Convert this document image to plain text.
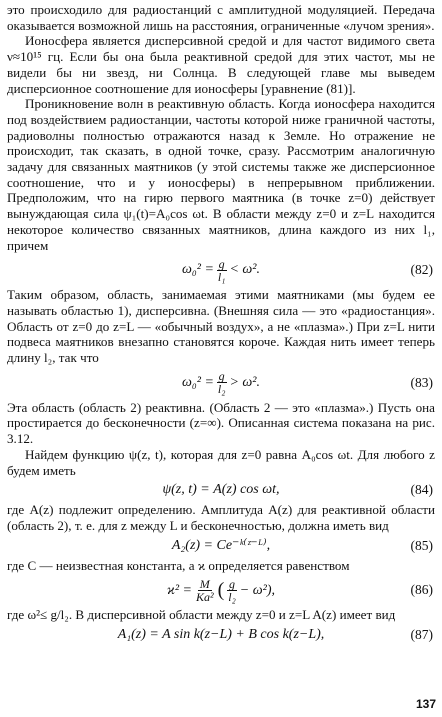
это происходило для радиостанций с амплитудной модуляцией. Передача оказывается возможной лишь на расстояния, ограниченные «лучом зрения».

Ионосфера является дисперсивной средой и для частот видимого света ν≈10¹⁵ гц. Если бы она была реактивной средой для этих частот, мы не видели бы ни звезд, ни Солнца. В следующей главе мы выведем дисперсионное соотношение для ионосферы [уравнение (81)].

Проникновение волн в реактивную область. Когда ионосфера находится под воздействием радиостанции, частоты которой ниже граничной частоты, радиоволны полностью отражаются назад к Земле. Но отражение не происходит, так сказать, в одной точке, сразу. Рассмотрим аналогичную задачу для связанных маятников (у этой системы также же дисперсионное соотношение, что и у ионосферы) в непрерывном приближении. Предположим, что на гирю первого маятника (в точке z=0) действует вынуждающая сила ψ₁(t)=A₀cos ωt. В области между z=0 и z=L находится некоторое количество связанных маятников, длина каждого из них l₁, причем

$\omega_0^2 = \frac{g}{\text{l₁}} < \omega^2$.	(82)

Таким образом, область, занимаемая этими маятниками (мы будем ее называть областью 1), дисперсивна. (Внешняя сила — это «радиостанция». Область от z=0 до z=L — «обычный воздух», а не «плазма».) При z=L нити подвеса маятников внезапно становятся короче. Каждая нить имеет теперь длину l₂, так что

$\omega_0^2 = \frac{g}{\text{l₂}} > \omega^2$.	(83)

Эта область (область 2) реактивна. (Область 2 — это «плазма».) Пусть она простирается до бесконечности (z=∞). Описанная система показана на рис. 3.12.

Найдем функцию ψ(z, t), которая для z=0 равна A₀cos ωt. Для любого z будем иметь

ψ(z, t) = A(z) cos ωt,	(84)

где A(z) подлежит определению. Амплитуда A(z) для реактивной области (область 2), т. е. для z между L и бесконечностью, должна иметь вид

A₂(z) = Ce⁻ᵏ⁽ᶻ⁻ᴸ⁾,	(85)

где C — неизвестная константа, а ϰ определяется равенством

$ϰ^2 = \frac{M}{\text{Ka²}}$ ( $\frac{g}{\text{l₂}} - \omega^2$),	(86)

где ω²≤ g/l₂. В дисперсивной области между z=0 и z=L A(z) имеет вид

A₁(z) = A sin k(z−L) + B cos k(z−L),	(87)
137
